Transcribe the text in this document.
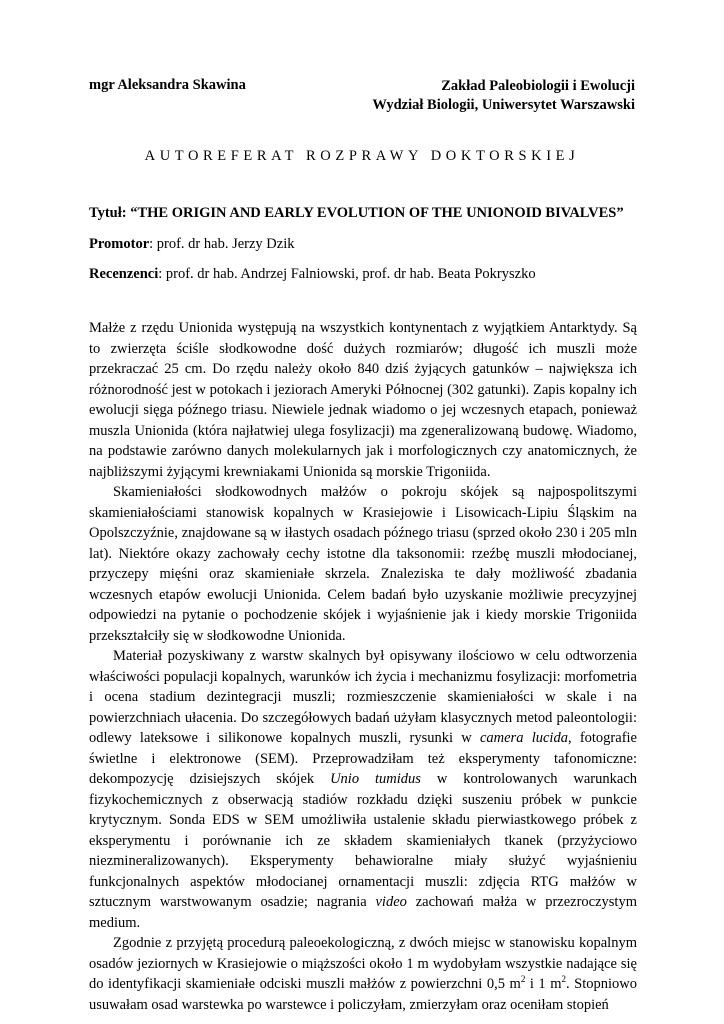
mgr Aleksandra Skawina	Zakład Paleobiologii i Ewolucji
Wydział Biologii, Uniwersytet Warszawski
AUTOREFERAT ROZPRAWY DOKTORSKIEJ
Tytuł: “THE ORIGIN AND EARLY EVOLUTION OF THE UNIONOID BIVALVES”
Promotor: prof. dr hab. Jerzy Dzik
Recenzenci: prof. dr hab. Andrzej Falniowski, prof. dr hab. Beata Pokryszko

Małże z rzędu Unionida występują na wszystkich kontynentach z wyjątkiem Antarktydy. Są to zwierzęta ściśle słodkowodne dość dużych rozmiarów; długość ich muszli może przekraczać 25 cm. Do rzędu należy około 840 dziś żyjących gatunków – największa ich różnorodność jest w potokach i jeziorach Ameryki Północnej (302 gatunki). Zapis kopalny ich ewolucji sięga późnego triasu. Niewiele jednak wiadomo o jej wczesnych etapach, ponieważ muszla Unionida (która najłatwiej ulega fosylizacji) ma zgeneralizowaną budowę. Wiadomo, na podstawie zarówno danych molekularnych jak i morfologicznych czy anatomicznych, że najbliższymi żyjącymi krewniakami Unionida są morskie Trigoniida.

Skamieniałości słodkowodnych małżów o pokroju skójek są najpospolitszymi skamieniałościami stanowisk kopalnych w Krasiejowie i Lisowicach-Lipiu Śląskim na Opolszczyźnie, znajdowane są w iłastych osadach późnego triasu (sprzed około 230 i 205 mln lat). Niektóre okazy zachowały cechy istotne dla taksonomii: rzeźbę muszli młodocianej, przyczepy mięśni oraz skamieniałe skrzela. Znaleziska te dały możliwość zbadania wczesnych etapów ewolucji Unionida. Celem badań było uzyskanie możliwie precyzyjnej odpowiedzi na pytanie o pochodzenie skójek i wyjaśnienie jak i kiedy morskie Trigoniida przekształciły się w słodkowodne Unionida.

Materiał pozyskiwany z warstw skalnych był opisywany ilościowo w celu odtworzenia właściwości populacji kopalnych, warunków ich życia i mechanizmu fosylizacji: morfometria i ocena stadium dezintegracji muszli; rozmieszczenie skamieniałości w skale i na powierzchniach ułacenia. Do szczegółowych badań użyłam klasycznych metod paleontologii: odlewy lateksowe i silikonowe kopalnych muszli, rysunki w camera lucida, fotografie świetlne i elektronowe (SEM). Przeprowadziłam też eksperymenty tafonomiczne: dekompozycję dzisiejszych skójek Unio tumidus w kontrolowanych warunkach fizykochemicznych z obserwacją stadiów rozkładu dzięki suszeniu próbek w punkcie krytycznym. Sonda EDS w SEM umożliwiła ustalenie składu pierwiastkowego próbek z eksperymentu i porównanie ich ze składem skamieniałych tkanek (przyżyciowo niezmineralizowanych). Eksperymenty behawioralne miały służyć wyjaśnieniu funkcjonalnych aspektów młodocianej ornamentacji muszli: zdjęcia RTG małżów w sztucznym warstwowanym osadzie; nagrania video zachowań małża w przezroczystym medium.

Zgodnie z przyjętą procedurą paleoekologiczną, z dwóch miejsc w stanowisku kopalnym osadów jeziornych w Krasiejowie o miąższości około 1 m wydobyłam wszystkie nadające się do identyfikacji skamieniałe odciski muszli małżów z powierzchni 0,5 $m^2$ i 1 $m^2$. Stopniowo usuwałam osad warstewka po warstewce i policzyłam, zmierzyłam oraz oceniłam stopień
